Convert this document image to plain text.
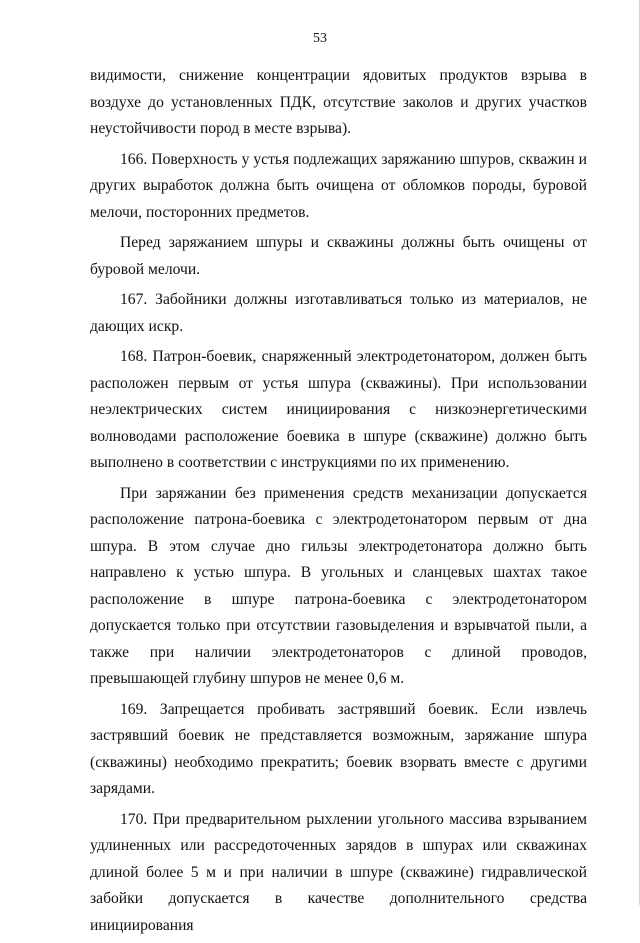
53

видимости, снижение концентрации ядовитых продуктов взрыва в воздухе до установленных ПДК, отсутствие заколов и других участков неустойчивости пород в месте взрыва).

166. Поверхность у устья подлежащих заряжанию шпуров, скважин и других выработок должна быть очищена от обломков породы, буровой мелочи, посторонних предметов.

Перед заряжанием шпуры и скважины должны быть очищены от буровой мелочи.

167. Забойники должны изготавливаться только из материалов, не дающих искр.

168. Патрон-боевик, снаряженный электродетонатором, должен быть расположен первым от устья шпура (скважины). При использовании неэлектрических систем инициирования с низкоэнергетическими волноводами расположение боевика в шпуре (скважине) должно быть выполнено в соответствии с инструкциями по их применению.

При заряжании без применения средств механизации допускается расположение патрона-боевика с электродетонатором первым от дна шпура. В этом случае дно гильзы электродетонатора должно быть направлено к устью шпура. В угольных и сланцевых шахтах такое расположение в шпуре патрона-боевика с электродетонатором допускается только при отсутствии газовыделения и взрывчатой пыли, а также при наличии электродетонаторов с длиной проводов, превышающей глубину шпуров не менее 0,6 м.

169. Запрещается пробивать застрявший боевик. Если извлечь застрявший боевик не представляется возможным, заряжание шпура (скважины) необходимо прекратить; боевик взорвать вместе с другими зарядами.

170. При предварительном рыхлении угольного массива взрыванием удлиненных или рассредоточенных зарядов в шпурах или скважинах длиной более 5 м и при наличии в шпуре (скважине) гидравлической забойки допускается в качестве дополнительного средства инициирования
